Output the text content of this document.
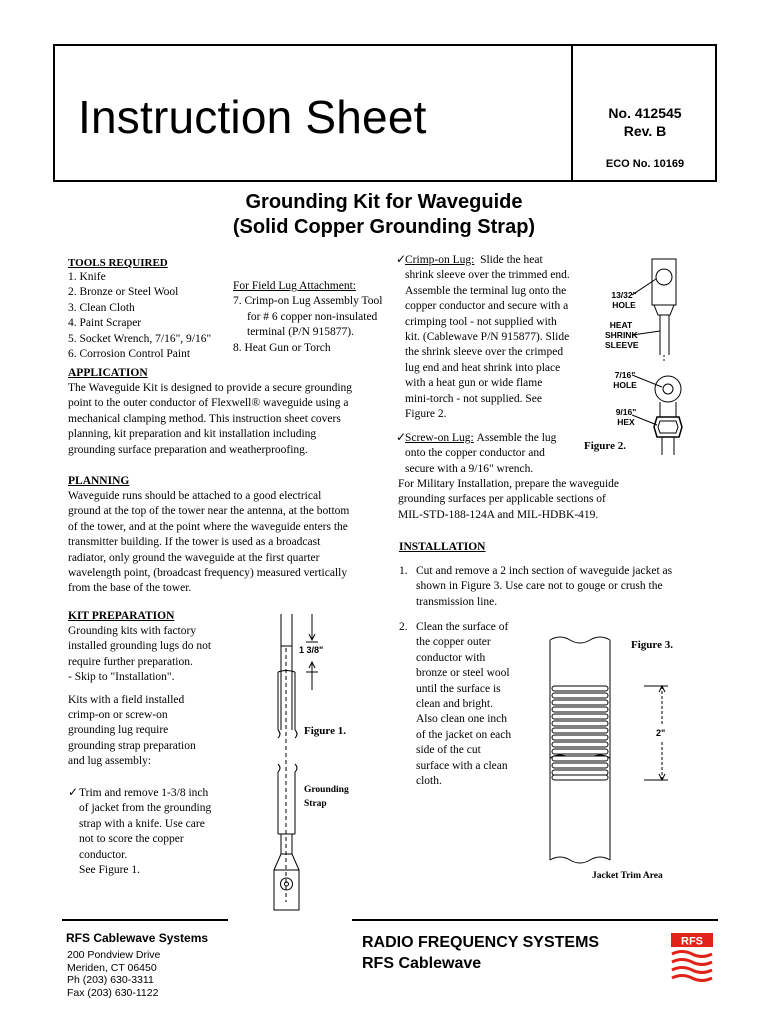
Instruction Sheet	No. 412545
Rev. B
ECO No. 10169
Grounding Kit for Waveguide
(Solid Copper Grounding Strap)
TOOLS REQUIRED
1. Knife
2. Bronze or Steel Wool
3. Clean Cloth
4. Paint Scraper
5. Socket Wrench, 7/16", 9/16"
6. Corrosion Control Paint
For Field Lug Attachment:
7. Crimp-on Lug Assembly Tool
for # 6 copper non-insulated
terminal (P/N 915877).
8. Heat Gun or Torch
APPLICATION
The Waveguide Kit is designed to provide a secure grounding
point to the outer conductor of Flexwell® waveguide using a
mechanical clamping method. This instruction sheet covers
planning, kit preparation and kit installation including
grounding surface preparation and weatherproofing.
PLANNING
Waveguide runs should be attached to a good electrical
ground at the top of the tower near the antenna, at the bottom
of the tower, and at the point where the waveguide enters the
transmitter building. If the tower is used as a broadcast
radiator, only ground the waveguide at the first quarter
wavelength point, (broadcast frequency) measured vertically
from the base of the tower.
KIT PREPARATION
Grounding kits with factory
installed grounding lugs do not
require further preparation.
- Skip to "Installation".
Kits with a field installed
crimp-on or screw-on
grounding lug require
grounding strap preparation
and lug assembly:
✓ Trim and remove 1-3/8 inch
of jacket from the grounding
strap with a knife. Use care
not to score the copper
conductor.
See Figure 1.
1 3/8"
Figure 1.
Grounding
Strap
✓
Crimp-on Lug: Slide the heat
shrink sleeve over the trimmed end.
Assemble the terminal lug onto the
copper conductor and secure with a
crimping tool - not supplied with
kit. (Cablewave P/N 915877). Slide
the shrink sleeve over the crimped
lug end and heat shrink into place
with a heat gun or wide flame
mini-torch - not supplied. See
Figure 2.
✓
Screw-on Lug: Assemble the lug
onto the copper conductor and
secure with a 9/16" wrench.
13/32"
HOLE
HEAT
SHRINK
SLEEVE
7/16"
HOLE
9/16"
HEX
Figure 2.
For Military Installation, prepare the waveguide
grounding surfaces per applicable sections of
MIL-STD-188-124A and MIL-HDBK-419.
INSTALLATION
1. Cut and remove a 2 inch section of waveguide jacket as
shown in Figure 3. Use care not to gouge or crush the
transmission line.
2. Clean the surface of
the copper outer
conductor with
bronze or steel wool
until the surface is
clean and bright.
Also clean one inch
of the jacket on each
side of the cut
surface with a clean
cloth.
Figure 3.
2"
Jacket Trim Area
RFS Cablewave Systems
200 Pondview Drive
Meriden, CT 06450
Ph (203) 630-3311
Fax (203) 630-1122
RADIO FREQUENCY SYSTEMS
RFS Cablewave
RFS
